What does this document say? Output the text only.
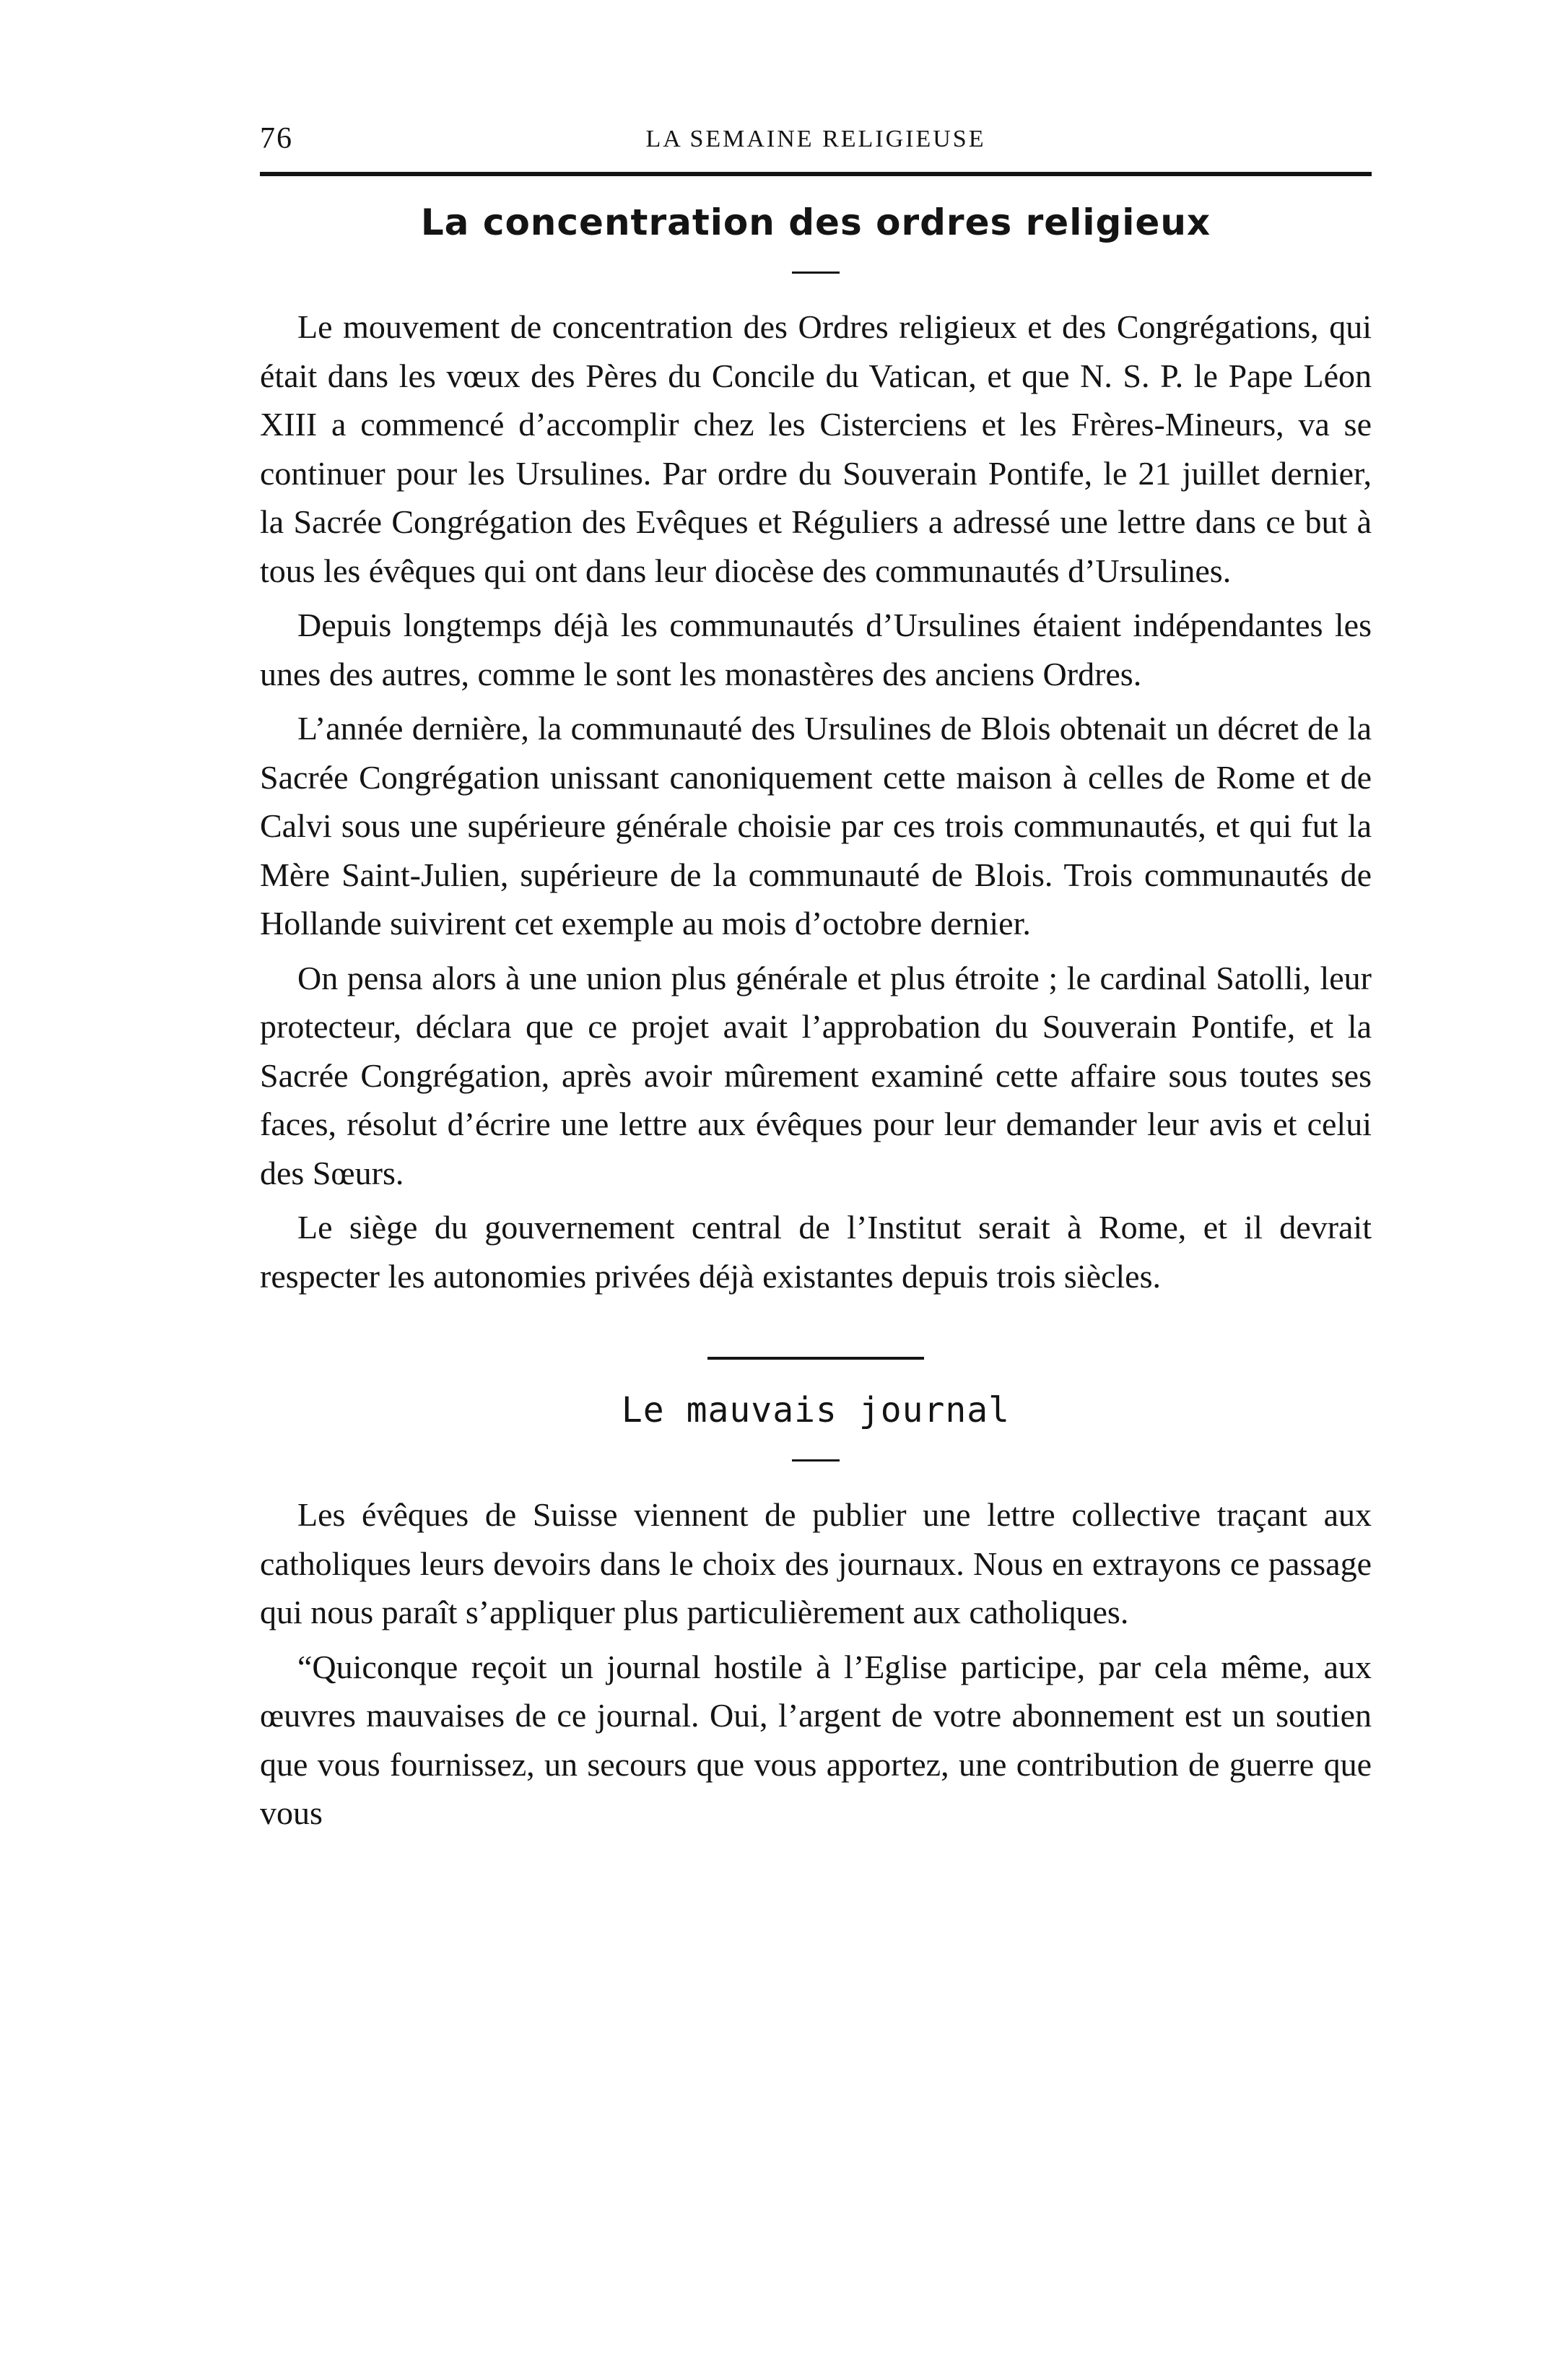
76	LA SEMAINE RELIGIEUSE
La concentration des ordres religieux

Le mouvement de concentration des Ordres religieux et des Congrégations, qui était dans les vœux des Pères du Concile du Vatican, et que N. S. P. le Pape Léon XIII a commencé d’accomplir chez les Cisterciens et les Frères-Mineurs, va se continuer pour les Ursulines. Par ordre du Souverain Pontife, le 21 juillet dernier, la Sacrée Congrégation des Evêques et Réguliers a adressé une lettre dans ce but à tous les évêques qui ont dans leur diocèse des communautés d’Ursulines.

Depuis longtemps déjà les communautés d’Ursulines étaient indépendantes les unes des autres, comme le sont les monastères des anciens Ordres.

L’année dernière, la communauté des Ursulines de Blois obtenait un décret de la Sacrée Congrégation unissant canoniquement cette maison à celles de Rome et de Calvi sous une supérieure générale choisie par ces trois communautés, et qui fut la Mère Saint-Julien, supérieure de la communauté de Blois. Trois communautés de Hollande suivirent cet exemple au mois d’octobre dernier.

On pensa alors à une union plus générale et plus étroite ; le cardinal Satolli, leur protecteur, déclara que ce projet avait l’approbation du Souverain Pontife, et la Sacrée Congrégation, après avoir mûrement examiné cette affaire sous toutes ses faces, résolut d’écrire une lettre aux évêques pour leur demander leur avis et celui des Sœurs.

Le siège du gouvernement central de l’Institut serait à Rome, et il devrait respecter les autonomies privées déjà existantes depuis trois siècles.

Le mauvais journal

Les évêques de Suisse viennent de publier une lettre collective traçant aux catholiques leurs devoirs dans le choix des journaux. Nous en extrayons ce passage qui nous paraît s’appliquer plus particulièrement aux catholiques.

“Quiconque reçoit un journal hostile à l’Eglise participe, par cela même, aux œuvres mauvaises de ce journal. Oui, l’argent de votre abonnement est un soutien que vous fournissez, un secours que vous apportez, une contribution de guerre que vous
